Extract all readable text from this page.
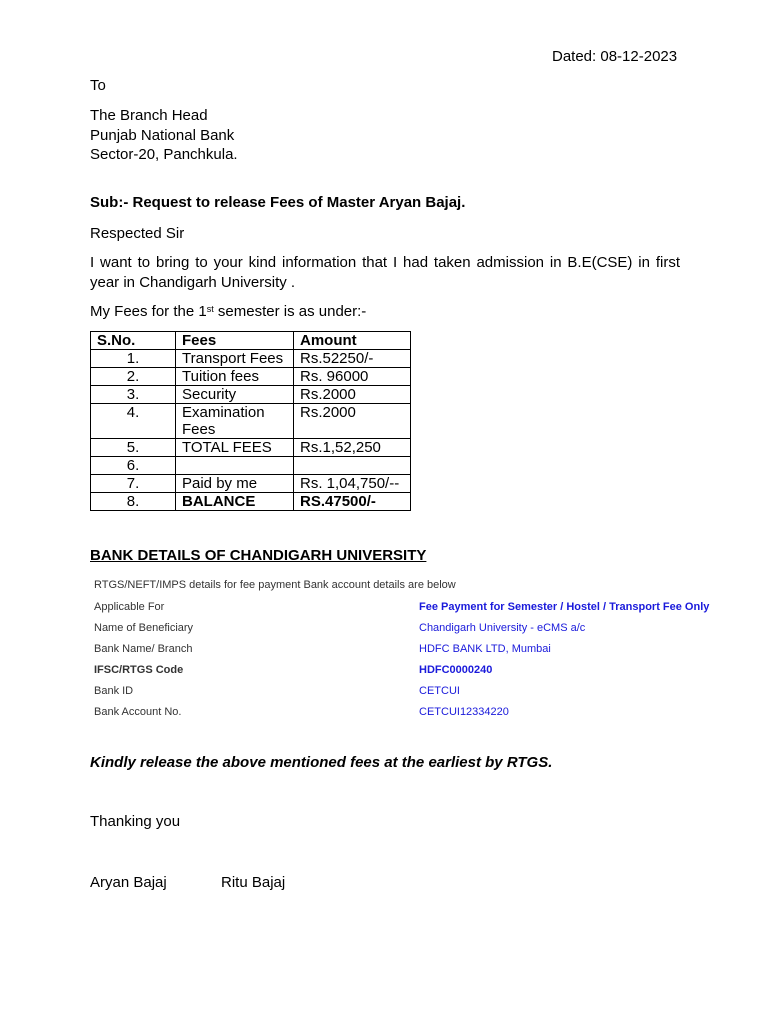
Dated: 08-12-2023
To
The Branch Head
Punjab National Bank
Sector-20, Panchkula.
Sub:- Request to release Fees of Master Aryan Bajaj.
Respected Sir
I want to bring to your kind information that I had taken admission in B.E(CSE) in first year in Chandigarh University .
My Fees for the 1st semester is as under:-
S.No.	Fees	Amount
1.	Transport Fees	Rs.52250/-
2.	Tuition fees	Rs. 96000
3.	Security	Rs.2000
4.	Examination Fees	Rs.2000
5.	TOTAL FEES	Rs.1,52,250
6.		
7.	Paid by me	Rs. 1,04,750/--
8.	BALANCE	RS.47500/-
BANK DETAILS OF CHANDIGARH UNIVERSITY
RTGS/NEFT/IMPS details for fee payment Bank account details are below
Applicable For	Fee Payment for Semester / Hostel / Transport Fee Only
Name of Beneficiary	Chandigarh University - eCMS a/c
Bank Name/ Branch	HDFC BANK LTD, Mumbai
IFSC/RTGS Code	HDFC0000240
Bank ID	CETCUI
Bank Account No.	CETCUI12334220
Kindly release the above mentioned fees at the earliest by RTGS.
Thanking you
Aryan Bajaj	Ritu Bajaj
